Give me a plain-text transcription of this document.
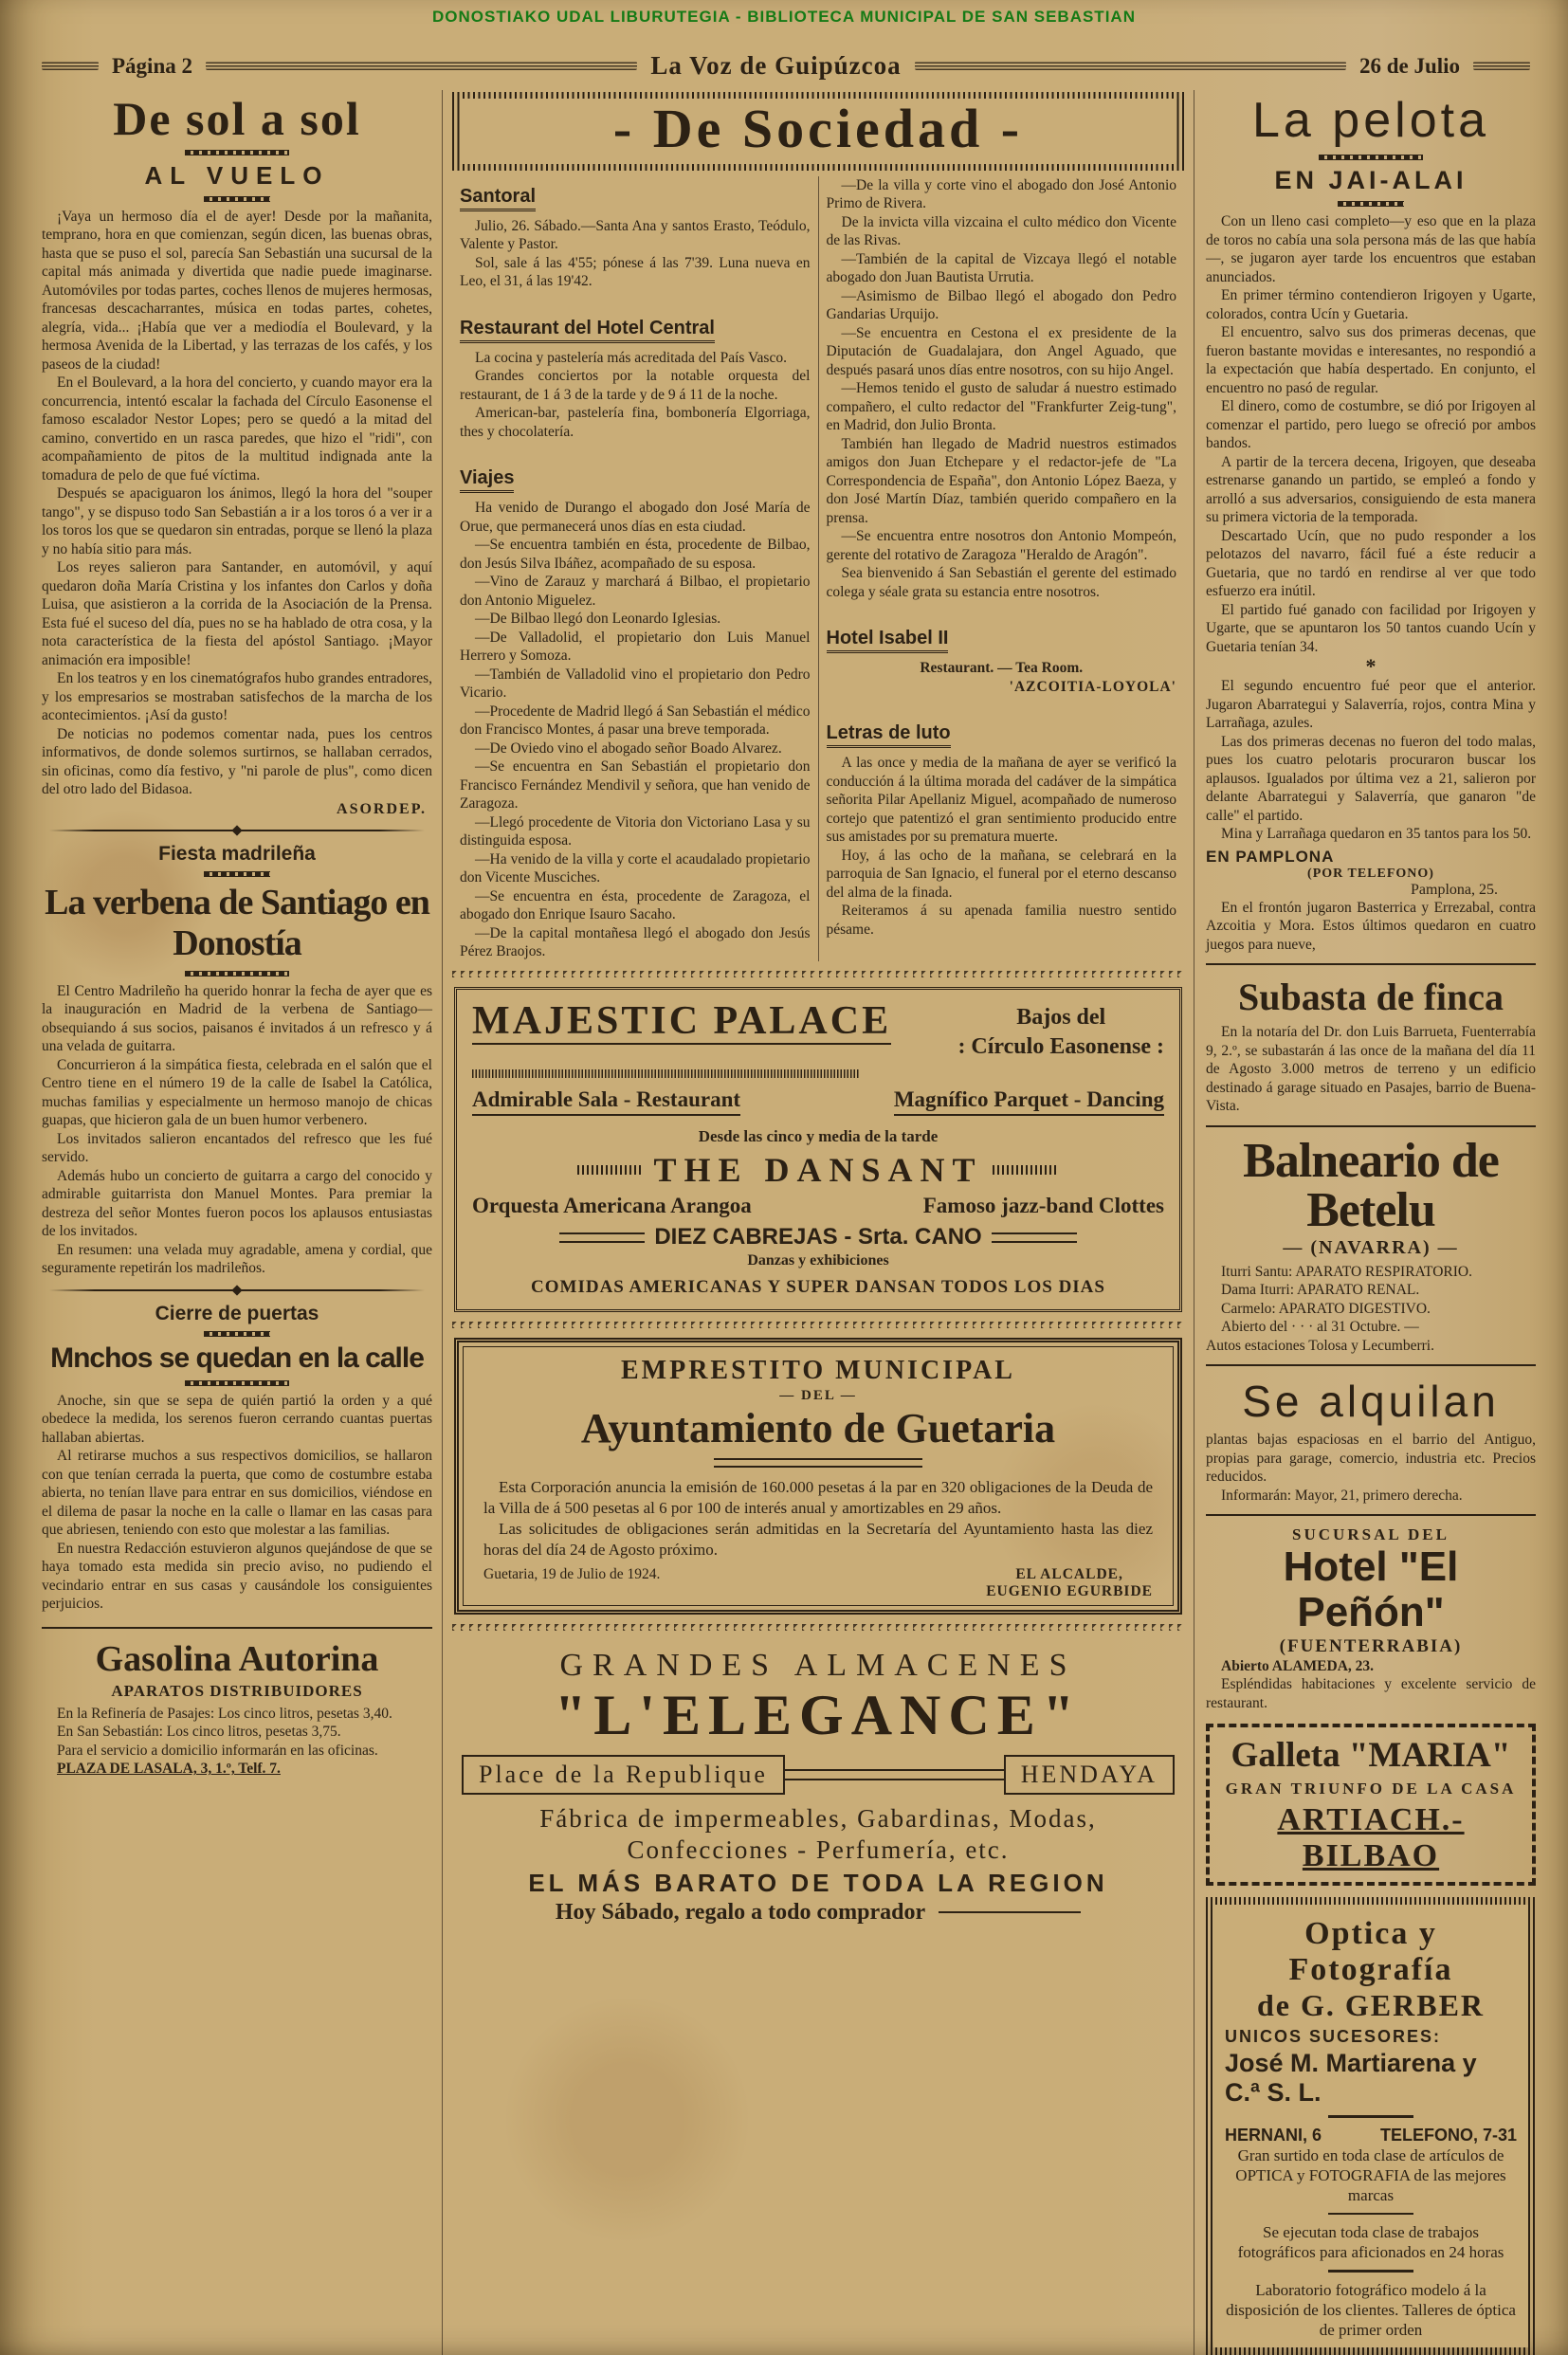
DONOSTIAKO UDAL LIBURUTEGIA - BIBLIOTECA MUNICIPAL DE SAN SEBASTIAN
Página 2	La Voz de Guipúzcoa	26 de Julio
De sol a sol
AL VUELO

¡Vaya un hermoso día el de ayer! Desde por la mañanita, temprano, hora en que comienzan, según dicen, las buenas obras, hasta que se puso el sol, parecía San Sebastián una sucursal de la capital más animada y divertida que nadie puede imaginarse. Automóviles por todas partes, coches llenos de mujeres hermosas, francesas descacharrantes, música en todas partes, cohetes, alegría, vida... ¡Había que ver a mediodía el Boulevard, y la hermosa Avenida de la Libertad, y las terrazas de los cafés, y los paseos de la ciudad!

En el Boulevard, a la hora del concierto, y cuando mayor era la concurrencia, intentó escalar la fachada del Círculo Easonense el famoso escalador Nestor Lopes; pero se quedó a la mitad del camino, convertido en un rasca paredes, que hizo el "ridi", con acompañamiento de pitos de la multitud indignada ante la tomadura de pelo de que fué víctima.

Después se apaciguaron los ánimos, llegó la hora del "souper tango", y se dispuso todo San Sebastián a ir a los toros ó a ver ir a los toros los que se quedaron sin entradas, porque se llenó la plaza y no había sitio para más.

Los reyes salieron para Santander, en automóvil, y aquí quedaron doña María Cristina y los infantes don Carlos y doña Luisa, que asistieron a la corrida de la Asociación de la Prensa. Esta fué el suceso del día, pues no se ha hablado de otra cosa, y la nota característica de la fiesta del apóstol Santiago. ¡Mayor animación era imposible!

En los teatros y en los cinematógrafos hubo grandes entradores, y los empresarios se mostraban satisfechos de la marcha de los acontecimientos. ¡Así da gusto!

De noticias no podemos comentar nada, pues los centros informativos, de donde solemos surtirnos, se hallaban cerrados, sin oficinas, como día festivo, y "ni parole de plus", como dicen del otro lado del Bidasoa.

ASORDEP.
Fiesta madrileña
La verbena de Santiago en Donostía

El Centro Madrileño ha querido honrar la fecha de ayer que es la inauguración en Madrid de la verbena de Santiago—obsequiando á sus socios, paisanos é invitados á un refresco y á una velada de guitarra.

Concurrieron á la simpática fiesta, celebrada en el salón que el Centro tiene en el número 19 de la calle de Isabel la Católica, muchas familias y especialmente un hermoso manojo de chicas guapas, que hicieron gala de un buen humor verbenero.

Los invitados salieron encantados del refresco que les fué servido.

Además hubo un concierto de guitarra a cargo del conocido y admirable guitarrista don Manuel Montes. Para premiar la destreza del señor Montes fueron pocos los aplausos entusiastas de los invitados.

En resumen: una velada muy agradable, amena y cordial, que seguramente repetirán los madrileños.

Cierre de puertas
Mnchos se quedan en la calle

Anoche, sin que se sepa de quién partió la orden y a qué obedece la medida, los serenos fueron cerrando cuantas puertas hallaban abiertas.

Al retirarse muchos a sus respectivos domicilios, se hallaron con que tenían cerrada la puerta, que como de costumbre estaba abierta, no tenían llave para entrar en sus domicilios, viéndose en el dilema de pasar la noche en la calle o llamar en las casas para que abriesen, teniendo con esto que molestar a las familias.

En nuestra Redacción estuvieron algunos quejándose de que se haya tomado esta medida sin precio aviso, no pudiendo el vecindario entrar en sus casas y causándole los consiguientes perjuicios.

Gasolina Autorina
APARATOS DISTRIBUIDORES

En la Refinería de Pasajes: Los cinco litros, pesetas 3,40.

En San Sebastián: Los cinco litros, pesetas 3,75.

Para el servicio a domicilio informarán en las oficinas.

PLAZA DE LASALA, 3, 1.º, Telf. 7.

- De Sociedad -
Santoral

Julio, 26. Sábado.—Santa Ana y santos Erasto, Teódulo, Valente y Pastor.

Sol, sale á las 4'55; pónese á las 7'39. Luna nueva en Leo, el 31, á las 19'42.

Restaurant del Hotel Central

La cocina y pastelería más acreditada del País Vasco.

Grandes conciertos por la notable orquesta del restaurant, de 1 á 3 de la tarde y de 9 á 11 de la noche.

American-bar, pastelería fina, bombonería Elgorriaga, thes y chocolatería.

Viajes

Ha venido de Durango el abogado don José María de Orue, que permanecerá unos días en esta ciudad.

—Se encuentra también en ésta, procedente de Bilbao, don Jesús Silva Ibáñez, acompañado de su esposa.

—Vino de Zarauz y marchará á Bilbao, el propietario don Antonio Miguelez.

—De Bilbao llegó don Leonardo Iglesias.

—De Valladolid, el propietario don Luis Manuel Herrero y Somoza.

—También de Valladolid vino el propietario don Pedro Vicario.

—Procedente de Madrid llegó á San Sebastián el médico don Francisco Montes, á pasar una breve temporada.

—De Oviedo vino el abogado señor Boado Alvarez.

—Se encuentra en San Sebastián el propietario don Francisco Fernández Mendivil y señora, que han venido de Zaragoza.

—Llegó procedente de Vitoria don Victoriano Lasa y su distinguida esposa.

—Ha venido de la villa y corte el acaudalado propietario don Vicente Musciches.

—Se encuentra en ésta, procedente de Zaragoza, el abogado don Enrique Isauro Sacaho.

—De la capital montañesa llegó el abogado don Jesús Pérez Braojos.

—De la villa y corte vino el abogado don José Antonio Primo de Rivera.

De la invicta villa vizcaina el culto médico don Vicente de las Rivas.

—También de la capital de Vizcaya llegó el notable abogado don Juan Bautista Urrutia.

—Asimismo de Bilbao llegó el abogado don Pedro Gandarias Urquijo.

—Se encuentra en Cestona el ex presidente de la Diputación de Guadalajara, don Angel Aguado, que después pasará unos días entre nosotros, con su hijo Angel.

—Hemos tenido el gusto de saludar á nuestro estimado compañero, el culto redactor del "Frankfurter Zeig-tung", en Madrid, don Julio Bronta.

También han llegado de Madrid nuestros estimados amigos don Juan Etchepare y el redactor-jefe de "La Correspondencia de España", don Antonio López Baeza, y don José Martín Díaz, también querido compañero en la prensa.

—Se encuentra entre nosotros don Antonio Mompeón, gerente del rotativo de Zaragoza "Heraldo de Aragón".

Sea bienvenido á San Sebastián el gerente del estimado colega y séale grata su estancia entre nosotros.

Hotel Isabel II

Restaurant. — Tea Room.

'AZCOITIA-LOYOLA'

Letras de luto

A las once y media de la mañana de ayer se verificó la conducción á la última morada del cadáver de la simpática señorita Pilar Apellaniz Miguel, acompañado de numeroso cortejo que patentizó el gran sentimiento producido entre sus amistades por su prematura muerte.

Hoy, á las ocho de la mañana, se celebrará en la parroquia de San Ignacio, el funeral por el eterno descanso del alma de la finada.

Reiteramos á su apenada familia nuestro sentido pésame.

MAJESTIC PALACE	Bajos del
: Círculo Easonense :
Admirable Sala - Restaurant	Magnífico Parquet - Dancing
Desde las cinco y media de la tarde
THE DANSANT
Orquesta Americana Arangoa	Famoso jazz-band Clottes
DIEZ CABREJAS - Srta. CANO
Danzas y exhibiciones
COMIDAS AMERICANAS Y SUPER DANSAN TODOS LOS DIAS
EMPRESTITO MUNICIPAL
— DEL —
Ayuntamiento de Guetaria

Esta Corporación anuncia la emisión de 160.000 pesetas á la par en 320 obligaciones de la Deuda de la Villa de á 500 pesetas al 6 por 100 de interés anual y amortizables en 29 años.

Las solicitudes de obligaciones serán admitidas en la Secretaría del Ayuntamiento hasta las diez horas del día 24 de Agosto próximo.

Guetaria, 19 de Julio de 1924.	EL ALCALDE,
EUGENIO EGURBIDE
GRANDES ALMACENES
"L'ELEGANCE"
Place de la Republique	HENDAYA
Fábrica de impermeables, Gabardinas, Modas,
Confecciones - Perfumería, etc.
EL MÁS BARATO DE TODA LA REGION
Hoy Sábado, regalo a todo comprador
La pelota
EN JAI-ALAI

Con un lleno casi completo—y eso que en la plaza de toros no cabía una sola persona más de las que había—, se jugaron ayer tarde los encuentros que estaban anunciados.

En primer término contendieron Irigoyen y Ugarte, colorados, contra Ucín y Guetaria.

El encuentro, salvo sus dos primeras decenas, que fueron bastante movidas e interesantes, no respondió a la expectación que había despertado. En conjunto, el encuentro no pasó de regular.

El dinero, como de costumbre, se dió por Irigoyen al comenzar el partido, pero luego se ofreció por ambos bandos.

A partir de la tercera decena, Irigoyen, que deseaba estrenarse ganando un partido, se empleó a fondo y arrolló a sus adversarios, consiguiendo de esta manera su primera victoria de la temporada.

Descartado Ucín, que no pudo responder a los pelotazos del navarro, fácil fué a éste reducir a Guetaria, que no tardó en rendirse al ver que todo esfuerzo era inútil.

El partido fué ganado con facilidad por Irigoyen y Ugarte, que se apuntaron los 50 tantos cuando Ucín y Guetaria tenían 34.

*

El segundo encuentro fué peor que el anterior. Jugaron Abarrategui y Salaverría, rojos, contra Mina y Larrañaga, azules.

Las dos primeras decenas no fueron del todo malas, pues los cuatro pelotaris procuraron buscar los aplausos. Igualados por última vez a 21, salieron por delante Abarrategui y Salaverría, que ganaron "de calle" el partido.

Mina y Larrañaga quedaron en 35 tantos para los 50.

EN PAMPLONA
(POR TELEFONO)
Pamplona, 25.

En el frontón jugaron Basterrica y Errezabal, contra Azcoitia y Mora. Estos últimos quedaron en cuatro juegos para nueve,

Subasta de finca

En la notaría del Dr. don Luis Barrueta, Fuenterrabía 9, 2.º, se subastarán á las once de la mañana del día 11 de Agosto 3.000 metros de terreno y un edificio destinado á garage situado en Pasajes, barrio de Buena-Vista.

Balneario de Betelu
— (NAVARRA) —

Iturri Santu: APARATO RESPIRATORIO.

Dama Iturri: APARATO RENAL.

Carmelo: APARATO DIGESTIVO.

Abierto del · · · al 31 Octubre. —

Autos estaciones Tolosa y Lecumberri.

Se alquilan

plantas bajas espaciosas en el barrio del Antiguo, propias para garage, comercio, industria etc. Precios reducidos.

Informarán: Mayor, 21, primero derecha.

SUCURSAL DEL
Hotel "El Peñón"
(FUENTERRABIA)

Abierto ALAMEDA, 23.

Espléndidas habitaciones y excelente servicio de restaurant.

Galleta "MARIA"
GRAN TRIUNFO DE LA CASA
ARTIACH.-BILBAO
Optica y Fotografía
de G. GERBER
UNICOS SUCESORES:
José M. Martiarena y C.ª S. L.
HERNANI, 6	TELEFONO, 7-31

Gran surtido en toda clase de artículos de OPTICA y FOTOGRAFIA de las mejores marcas

Se ejecutan toda clase de trabajos fotográficos para aficionados en 24 horas

Laboratorio fotográfico modelo á la disposición de los clientes. Talleres de óptica de primer orden
